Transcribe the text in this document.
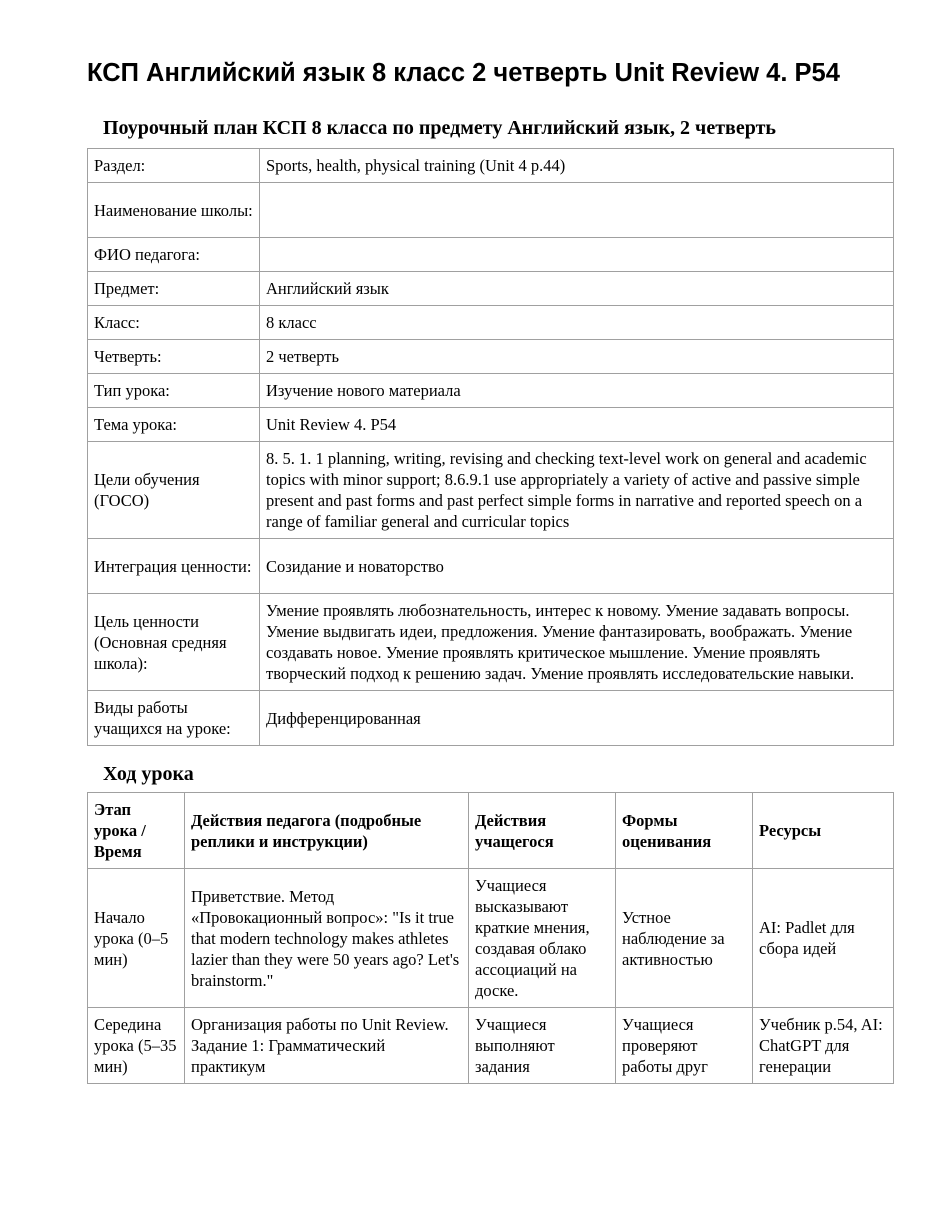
КСП Английский язык 8 класс 2 четверть Unit Review 4. P54
Поурочный план КСП 8 класса по предмету Английский язык, 2 четверть
Раздел:	Sports, health, physical training (Unit 4 p.44)
Наименование школы:	
ФИО педагога:	
Предмет:	Английский язык
Класс:	8 класс
Четверть:	2 четверть
Тип урока:	Изучение нового материала
Тема урока:	Unit Review 4. P54
Цели обучения (ГОСО)	8. 5. 1. 1 planning, writing, revising and checking text-level work on general and academic topics with minor support; 8.6.9.1 use appropriately a variety of active and passive simple present and past forms and past perfect simple forms in narrative and reported speech on a range of familiar general and curricular topics
Интеграция ценности:	Созидание и новаторство
Цель ценности (Основная средняя школа):	Умение проявлять любознательность, интерес к новому. Умение задавать вопросы. Умение выдвигать идеи, предложения. Умение фантазировать, воображать. Умение создавать новое. Умение проявлять критическое мышление. Умение проявлять творческий подход к решению задач. Умение проявлять исследовательские навыки.
Виды работы учащихся на уроке:	Дифференцированная
Ход урока
Этап урока / Время	Действия педагога (подробные реплики и инструкции)	Действия учащегося	Формы оценивания	Ресурсы
Начало урока (0–5 мин)	Приветствие. Метод «Провокационный вопрос»: "Is it true that modern technology makes athletes lazier than they were 50 years ago? Let's brainstorm."	Учащиеся высказывают краткие мнения, создавая облако ассоциаций на доске.	Устное наблюдение за активностью	AI: Padlet для сбора идей
Середина урока (5–35 мин)	Организация работы по Unit Review. Задание 1: Грамматический практикум	Учащиеся выполняют задания	Учащиеся проверяют работы друг	Учебник p.54, AI: ChatGPT для генерации
